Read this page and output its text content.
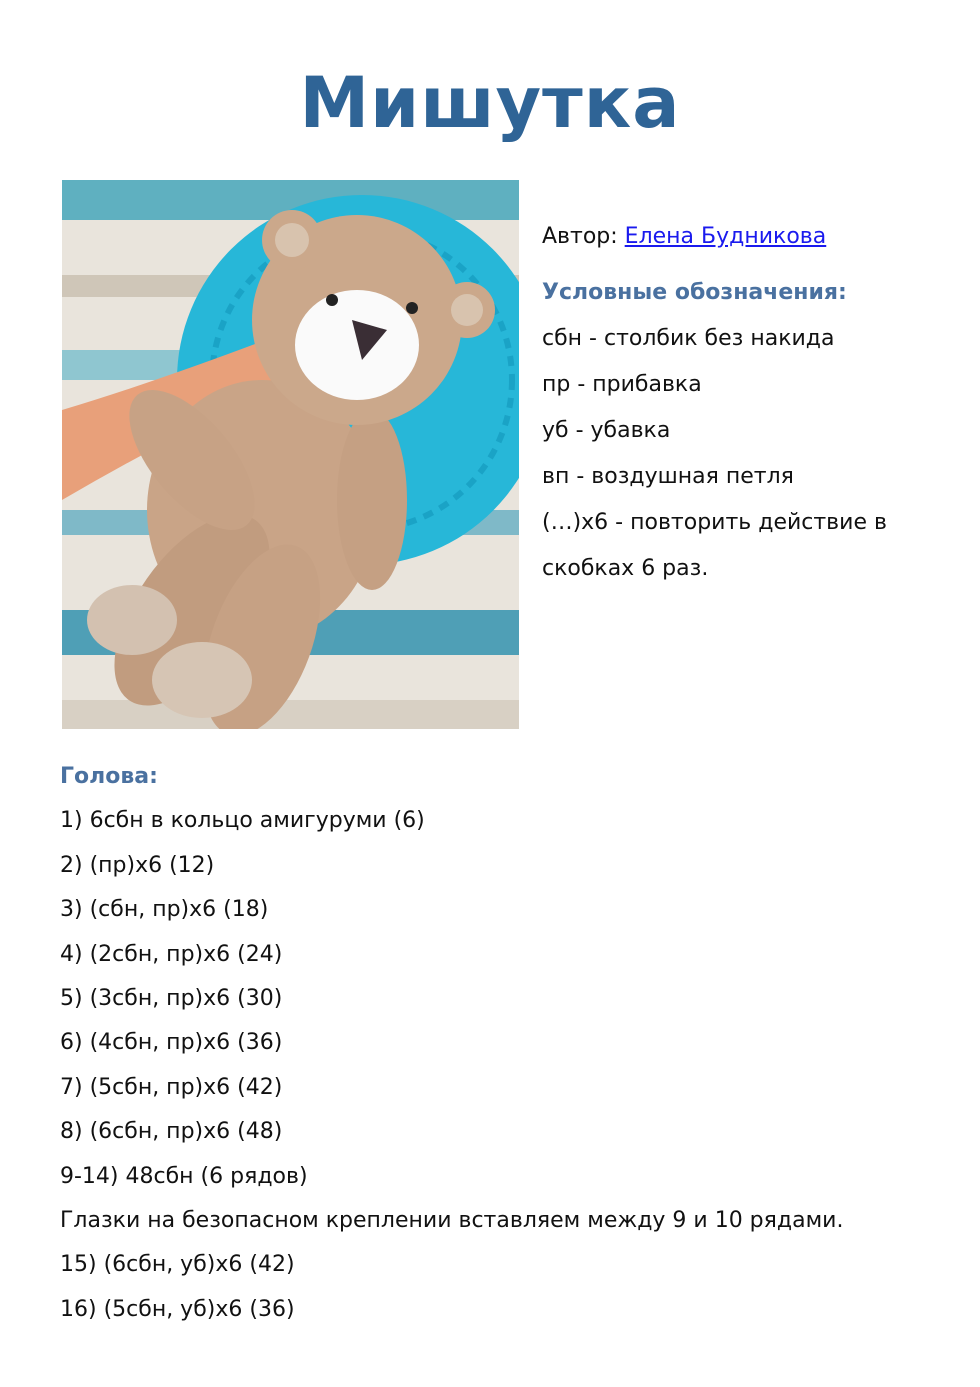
Мишутка
Автор: Елена Будникова
Условные обозначения:
сбн - столбик без накида
пр - прибавка
уб - убавка
вп - воздушная петля
(…)х6 - повторить действие в
скобках 6 раз.
Голова:
1) 6сбн в кольцо амигуруми (6)
2) (пр)х6 (12)
3) (сбн, пр)х6 (18)
4) (2сбн, пр)х6 (24)
5) (3сбн, пр)х6 (30)
6) (4сбн, пр)х6 (36)
7) (5сбн, пр)х6 (42)
8) (6сбн, пр)х6 (48)
9-14) 48сбн (6 рядов)
Глазки на безопасном креплении вставляем между 9 и 10 рядами.
15) (6сбн, уб)х6 (42)
16) (5сбн, уб)х6 (36)
